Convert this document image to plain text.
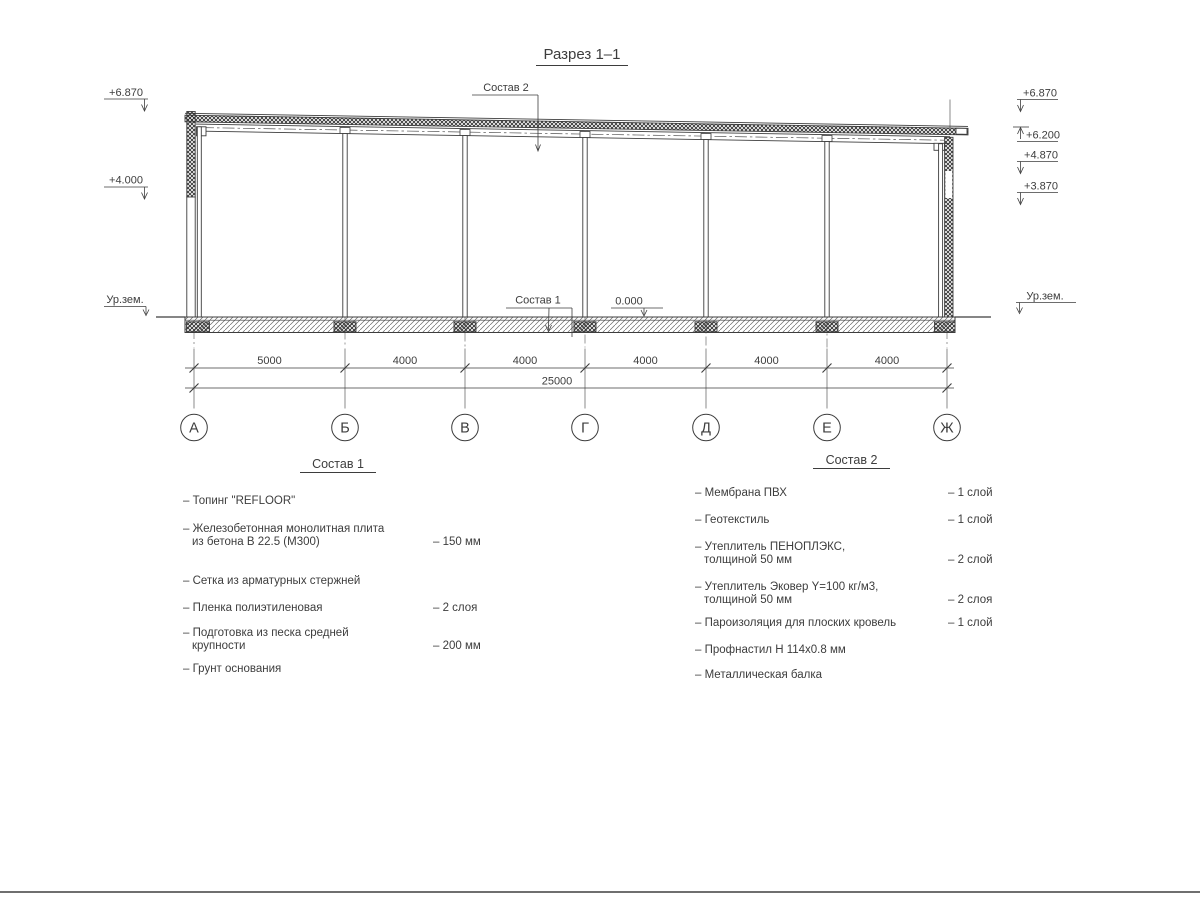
Разрез 1–1
5000	4000	4000	4000	4000	4000
25000
А	Б	В	Г	Д	Е	Ж
+6.870
+4.000
+6.870
+6.200
+4.870
+3.870
Состав 2
Состав 1	0.000
Ур.зем.	Ур.зем.
Состав 1
– Топинг "REFLOOR"
– Железобетонная монолитная плита
из бетона В 22.5 (М300)	– 150 мм
– Сетка из арматурных стержней
– Пленка полиэтиленовая	– 2 слоя
– Подготовка из песка средней
крупности	– 200 мм
– Грунт основания
Состав 2
– Мембрана ПВХ	– 1 слой
– Геотекстиль	– 1 слой
– Утеплитель ПЕНОПЛЭКС,
толщиной 50 мм	– 2 слой
– Утеплитель Эковер Y=100 кг/м3,
толщиной 50 мм	– 2 слоя
– Пароизоляция для плоских кровель	– 1 слой
– Профнастил Н 114х0.8 мм
– Металлическая балка
